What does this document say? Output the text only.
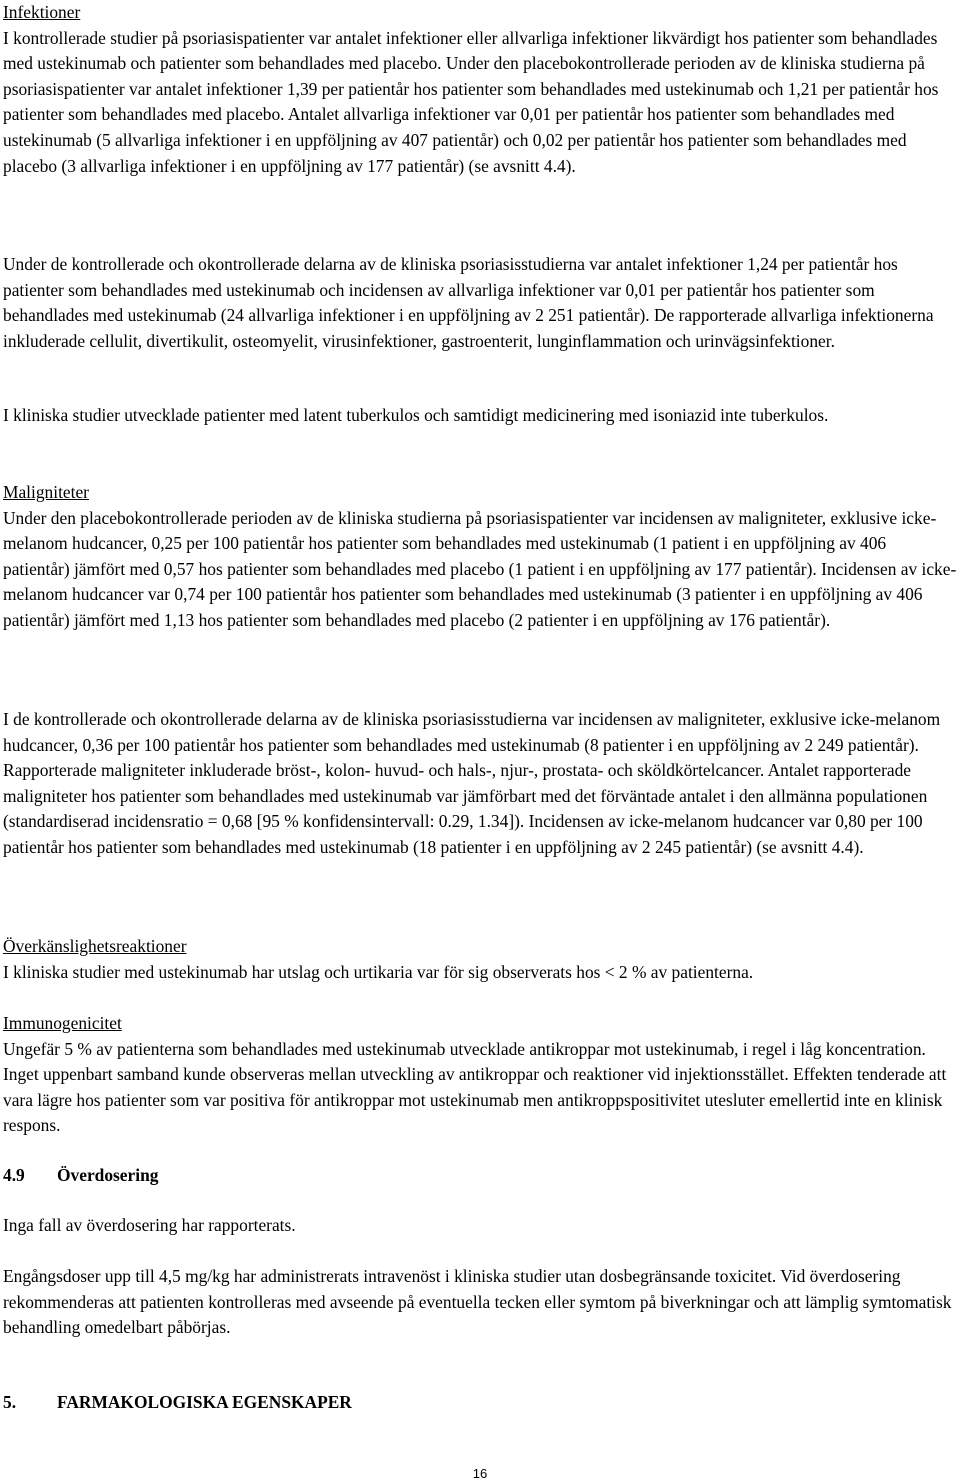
Infektioner

I kontrollerade studier på psoriasispatienter var antalet infektioner eller allvarliga infektioner likvärdigt hos patienter som behandlades med ustekinumab och patienter som behandlades med placebo. Under den placebokontrollerade perioden av de kliniska studierna på psoriasispatienter var antalet infektioner 1,39 per patientår hos patienter som behandlades med ustekinumab och 1,21 per patientår hos patienter som behandlades med placebo. Antalet allvarliga infektioner var 0,01 per patientår hos patienter som behandlades med ustekinumab (5 allvarliga infektioner i en uppföljning av 407 patientår) och 0,02 per patientår hos patienter som behandlades med placebo (3 allvarliga infektioner i en uppföljning av 177 patientår) (se avsnitt 4.4).

Under de kontrollerade och okontrollerade delarna av de kliniska psoriasisstudierna var antalet infektioner 1,24 per patientår hos patienter som behandlades med ustekinumab och incidensen av allvarliga infektioner var 0,01 per patientår hos patienter som behandlades med ustekinumab (24 allvarliga infektioner i en uppföljning av 2 251 patientår). De rapporterade allvarliga infektionerna inkluderade cellulit, divertikulit, osteomyelit, virusinfektioner, gastroenterit, lunginflammation och urinvägsinfektioner.

I kliniska studier utvecklade patienter med latent tuberkulos och samtidigt medicinering med isoniazid inte tuberkulos.

Maligniteter

Under den placebokontrollerade perioden av de kliniska studierna på psoriasispatienter var incidensen av maligniteter, exklusive icke-melanom hudcancer, 0,25 per 100 patientår hos patienter som behandlades med ustekinumab (1 patient i en uppföljning av 406 patientår) jämfört med 0,57 hos patienter som behandlades med placebo (1 patient i en uppföljning av 177 patientår). Incidensen av icke-melanom hudcancer var 0,74 per 100 patientår hos patienter som behandlades med ustekinumab (3 patienter i en uppföljning av 406 patientår) jämfört med 1,13 hos patienter som behandlades med placebo (2 patienter i en uppföljning av 176 patientår).

I de kontrollerade och okontrollerade delarna av de kliniska psoriasisstudierna var incidensen av maligniteter, exklusive icke-melanom hudcancer, 0,36 per 100 patientår hos patienter som behandlades med ustekinumab (8 patienter i en uppföljning av 2 249 patientår). Rapporterade maligniteter inkluderade bröst-, kolon- huvud- och hals-, njur-, prostata- och sköldkörtelcancer. Antalet rapporterade maligniteter hos patienter som behandlades med ustekinumab var jämförbart med det förväntade antalet i den allmänna populationen (standardiserad incidensratio = 0,68 [95 % konfidensintervall: 0.29, 1.34]). Incidensen av icke-melanom hudcancer var 0,80 per 100 patientår hos patienter som behandlades med ustekinumab (18 patienter i en uppföljning av 2 245 patientår) (se avsnitt 4.4).

Överkänslighetsreaktioner

I kliniska studier med ustekinumab har utslag och urtikaria var för sig observerats hos < 2 % av patienterna.

Immunogenicitet

Ungefär 5 % av patienterna som behandlades med ustekinumab utvecklade antikroppar mot ustekinumab, i regel i låg koncentration. Inget uppenbart samband kunde observeras mellan utveckling av antikroppar och reaktioner vid injektionsstället. Effekten tenderade att vara lägre hos patienter som var positiva för antikroppar mot ustekinumab men antikroppspositivitet utesluter emellertid inte en klinisk respons.

4.9 Överdosering

Inga fall av överdosering har rapporterats.

Engångsdoser upp till 4,5 mg/kg har administrerats intravenöst i kliniska studier utan dosbegränsande toxicitet. Vid överdosering rekommenderas att patienten kontrolleras med avseende på eventuella tecken eller symtom på biverkningar och att lämplig symtomatisk behandling omedelbart påbörjas.

5. FARMAKOLOGISKA EGENSKAPER

16
